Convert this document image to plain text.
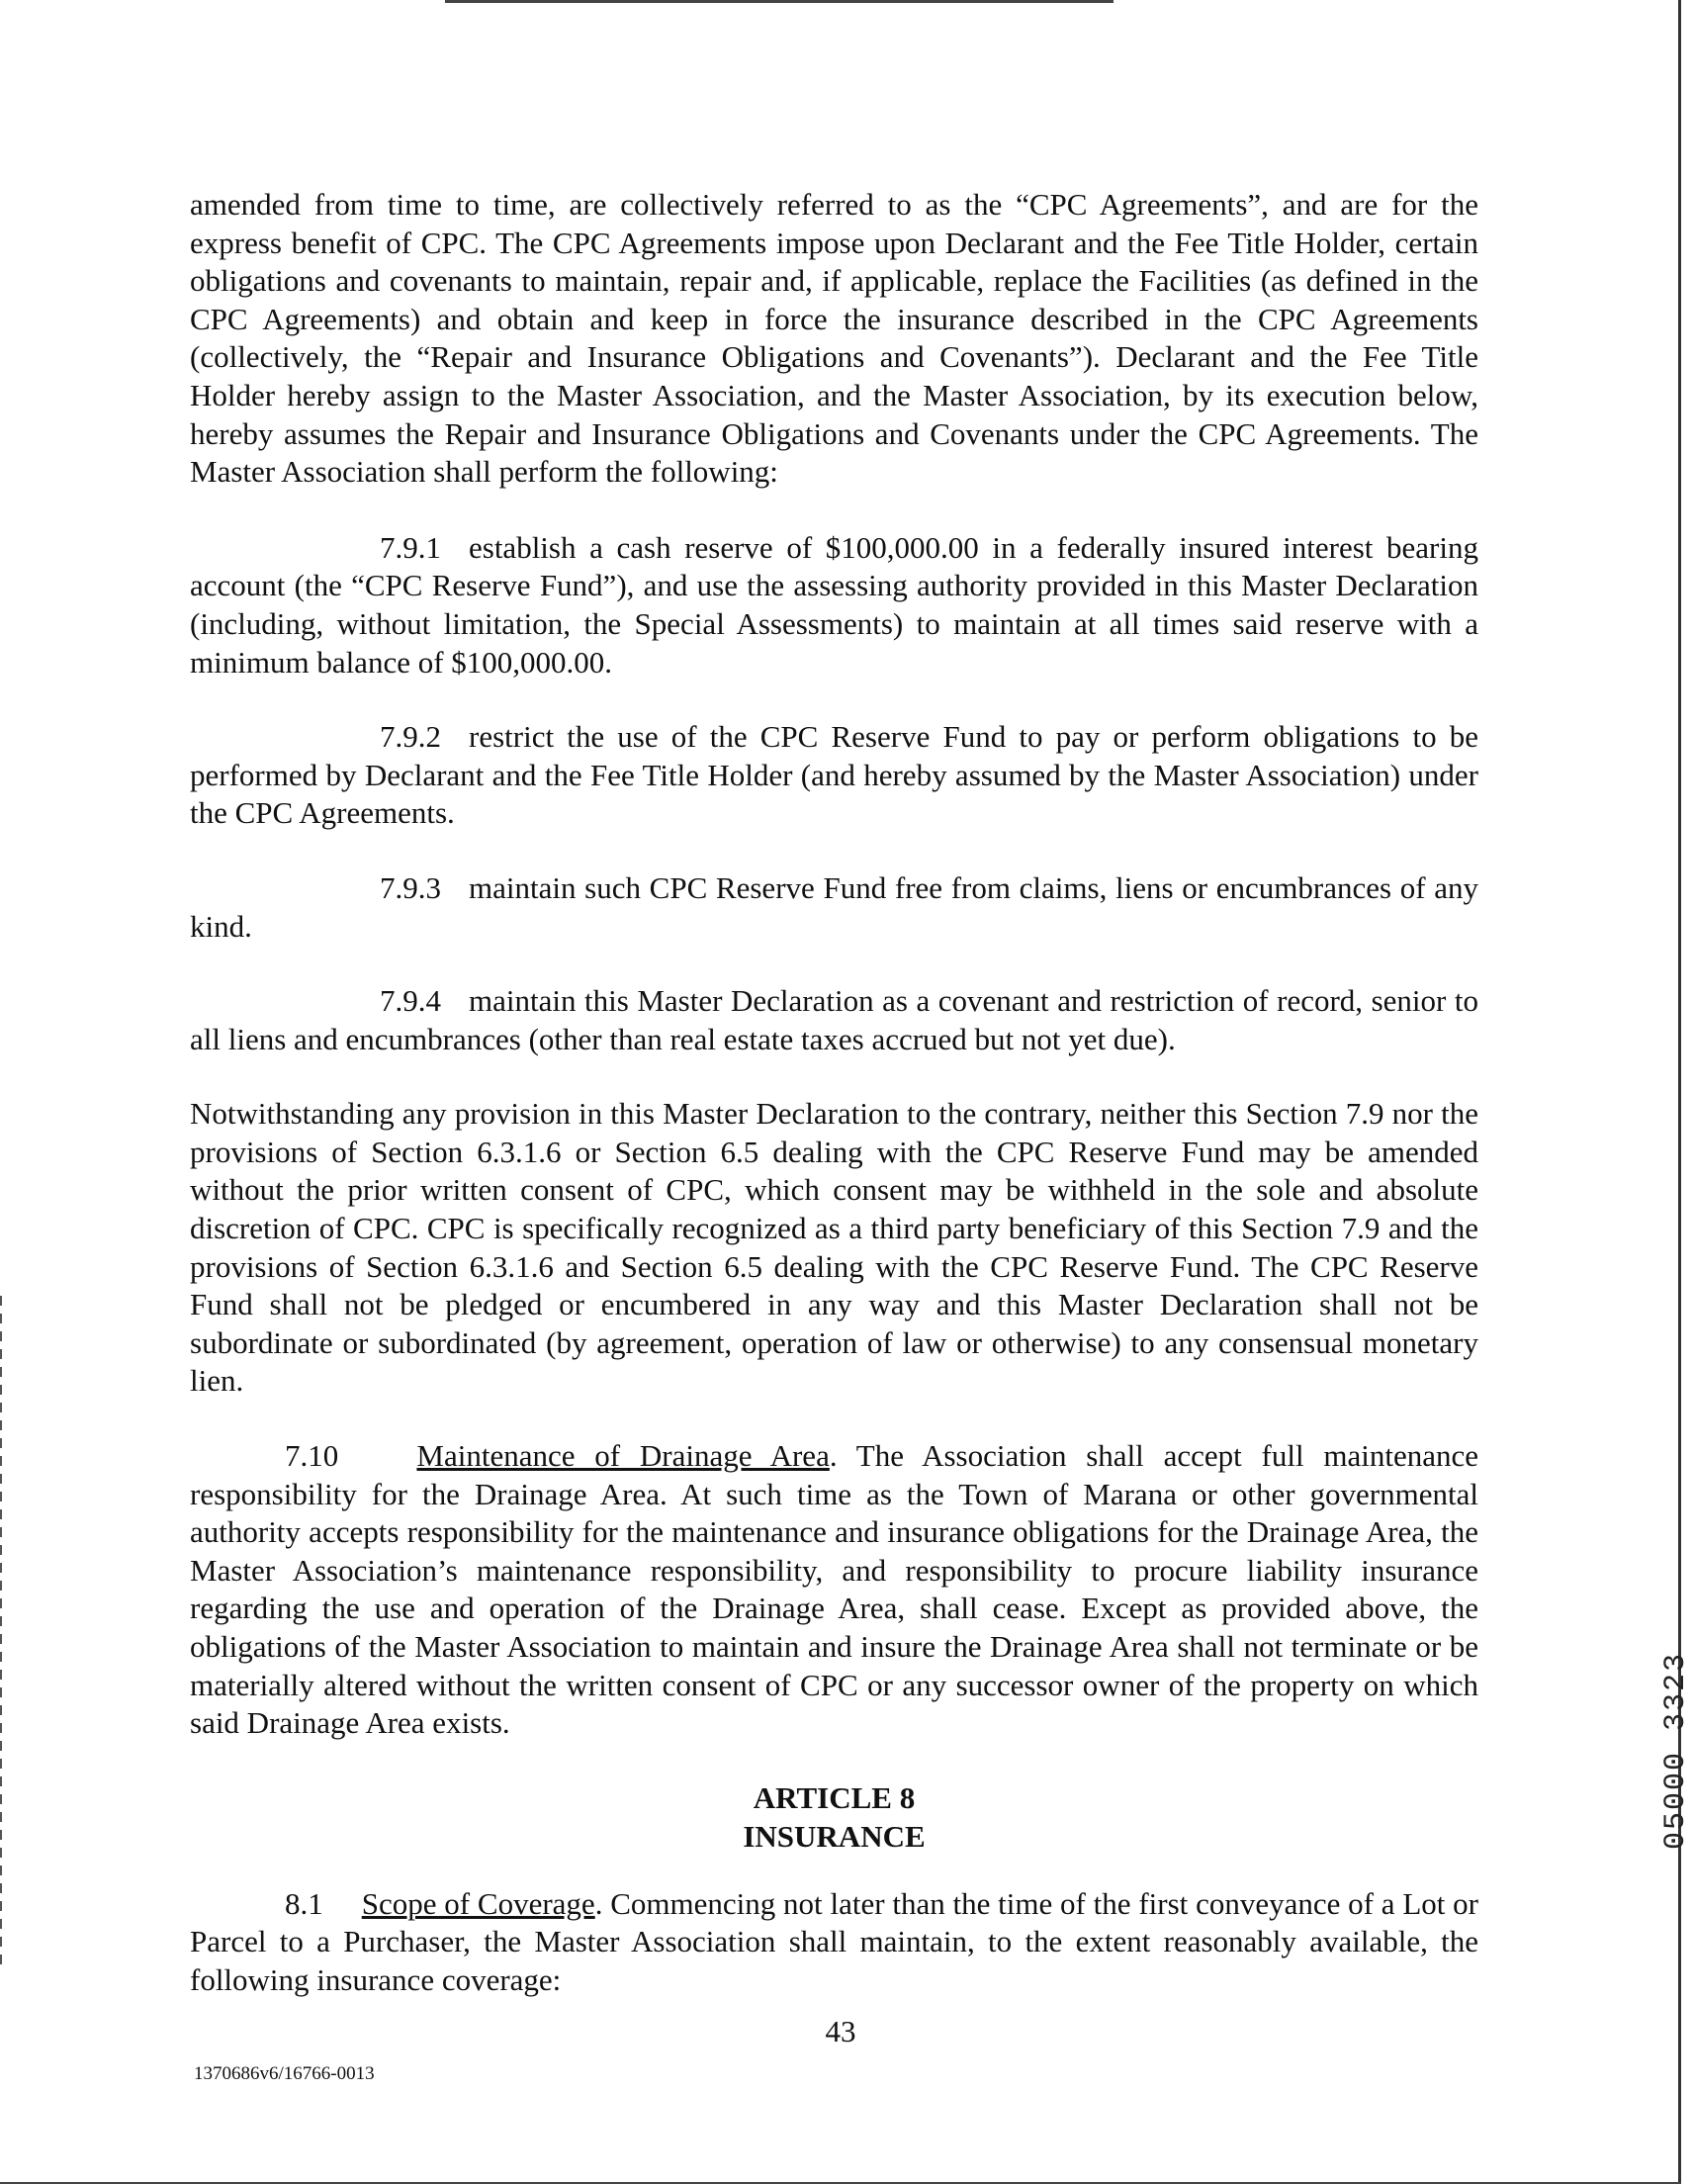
amended from time to time, are collectively referred to as the “CPC Agreements”, and are for the express benefit of CPC. The CPC Agreements impose upon Declarant and the Fee Title Holder, certain obligations and covenants to maintain, repair and, if applicable, replace the Facilities (as defined in the CPC Agreements) and obtain and keep in force the insurance described in the CPC Agreements (collectively, the “Repair and Insurance Obligations and Covenants”). Declarant and the Fee Title Holder hereby assign to the Master Association, and the Master Association, by its execution below, hereby assumes the Repair and Insurance Obligations and Covenants under the CPC Agreements. The Master Association shall perform the following:

7.9.1 establish a cash reserve of $100,000.00 in a federally insured interest bearing account (the “CPC Reserve Fund”), and use the assessing authority provided in this Master Declaration (including, without limitation, the Special Assessments) to maintain at all times said reserve with a minimum balance of $100,000.00.

7.9.2 restrict the use of the CPC Reserve Fund to pay or perform obligations to be performed by Declarant and the Fee Title Holder (and hereby assumed by the Master Association) under the CPC Agreements.

7.9.3 maintain such CPC Reserve Fund free from claims, liens or encumbrances of any kind.

7.9.4 maintain this Master Declaration as a covenant and restriction of record, senior to all liens and encumbrances (other than real estate taxes accrued but not yet due).

Notwithstanding any provision in this Master Declaration to the contrary, neither this Section 7.9 nor the provisions of Section 6.3.1.6 or Section 6.5 dealing with the CPC Reserve Fund may be amended without the prior written consent of CPC, which consent may be withheld in the sole and absolute discretion of CPC. CPC is specifically recognized as a third party beneficiary of this Section 7.9 and the provisions of Section 6.3.1.6 and Section 6.5 dealing with the CPC Reserve Fund. The CPC Reserve Fund shall not be pledged or encumbered in any way and this Master Declaration shall not be subordinate or subordinated (by agreement, operation of law or otherwise) to any consensual monetary lien.

7.10	Maintenance of Drainage Area. The Association shall accept full maintenance responsibility for the Drainage Area. At such time as the Town of Marana or other governmental authority accepts responsibility for the maintenance and insurance obligations for the Drainage Area, the Master Association’s maintenance responsibility, and responsibility to procure liability insurance regarding the use and operation of the Drainage Area, shall cease. Except as provided above, the obligations of the Master Association to maintain and insure the Drainage Area shall not terminate or be materially altered without the written consent of CPC or any successor owner of the property on which said Drainage Area exists.

ARTICLE 8
INSURANCE

8.1 Scope of Coverage. Commencing not later than the time of the first conveyance of a Lot or Parcel to a Purchaser, the Master Association shall maintain, to the extent reasonably available, the following insurance coverage:

43
1370686v6/16766-0013
05000 3323
